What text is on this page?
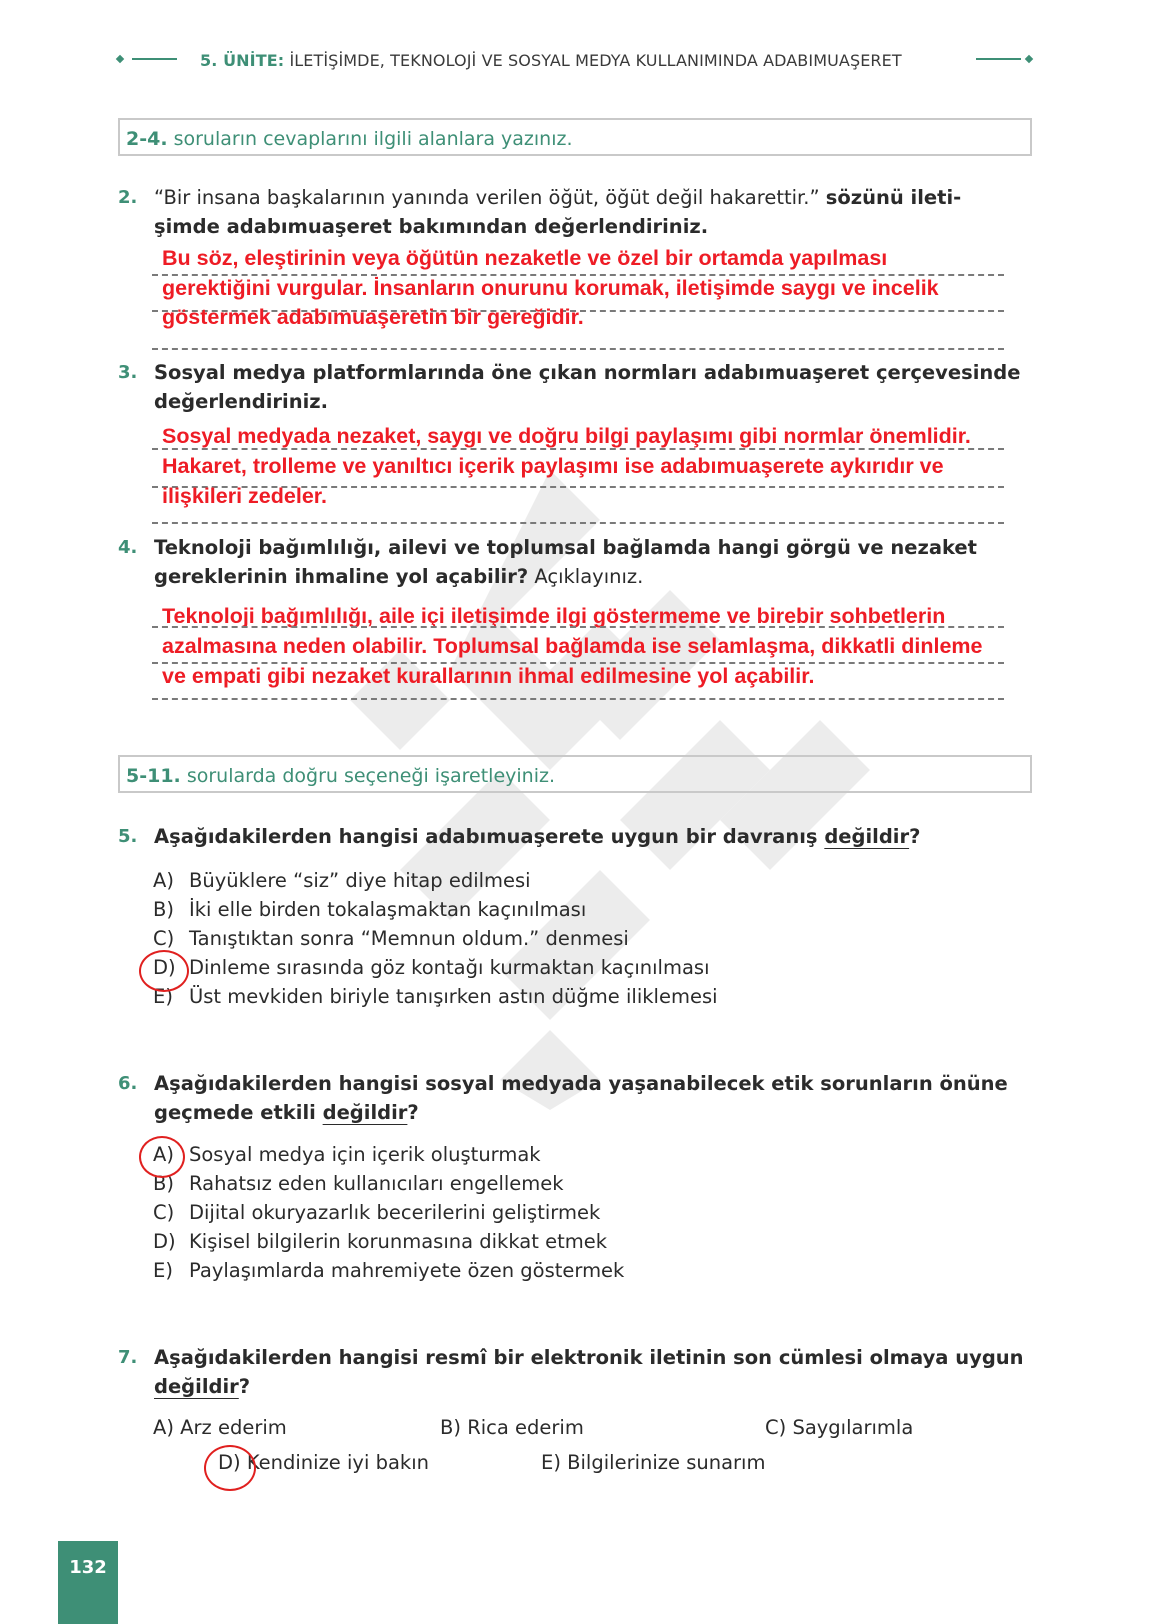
5. ÜNİTE: İLETİŞİMDE, TEKNOLOJİ VE SOSYAL MEDYA KULLANIMINDA ADABIMUAŞERET
2-4. soruların cevaplarını ilgili alanlara yazınız.
2. “Bir insana başkalarının yanında verilen öğüt, öğüt değil hakarettir.” sözünü ileti-
şimde adabımuaşeret bakımından değerlendiriniz.
Bu söz, eleştirinin veya öğütün nezaketle ve özel bir ortamda yapılması
gerektiğini vurgular. İnsanların onurunu korumak, iletişimde saygı ve incelik
göstermek adabımuaşeretin bir gereğidir.
3. Sosyal medya platformlarında öne çıkan normları adabımuaşeret çerçevesinde
değerlendiriniz.
Sosyal medyada nezaket, saygı ve doğru bilgi paylaşımı gibi normlar önemlidir.
Hakaret, trolleme ve yanıltıcı içerik paylaşımı ise adabımuaşerete aykırıdır ve
ilişkileri zedeler.
4. Teknoloji bağımlılığı, ailevi ve toplumsal bağlamda hangi görgü ve nezaket
gereklerinin ihmaline yol açabilir? Açıklayınız.
Teknoloji bağımlılığı, aile içi iletişimde ilgi göstermeme ve birebir sohbetlerin
azalmasına neden olabilir. Toplumsal bağlamda ise selamlaşma, dikkatli dinleme
ve empati gibi nezaket kurallarının ihmal edilmesine yol açabilir.
5-11. sorularda doğru seçeneği işaretleyiniz.
5. Aşağıdakilerden hangisi adabımuaşerete uygun bir davranış değildir?
A) Büyüklere “siz” diye hitap edilmesi
B) İki elle birden tokalaşmaktan kaçınılması
C) Tanıştıktan sonra “Memnun oldum.” denmesi
D) Dinleme sırasında göz kontağı kurmaktan kaçınılması
E) Üst mevkiden biriyle tanışırken astın düğme iliklemesi
6. Aşağıdakilerden hangisi sosyal medyada yaşanabilecek etik sorunların önüne
geçmede etkili değildir?
A) Sosyal medya için içerik oluşturmak
B) Rahatsız eden kullanıcıları engellemek
C) Dijital okuryazarlık becerilerini geliştirmek
D) Kişisel bilgilerin korunmasına dikkat etmek
E) Paylaşımlarda mahremiyete özen göstermek
7. Aşağıdakilerden hangisi resmî bir elektronik iletinin son cümlesi olmaya uygun
değildir?
A) Arz ederim	B) Rica ederim	C) Saygılarımla
D) Kendinize iyi bakın	E) Bilgilerinize sunarım
132
